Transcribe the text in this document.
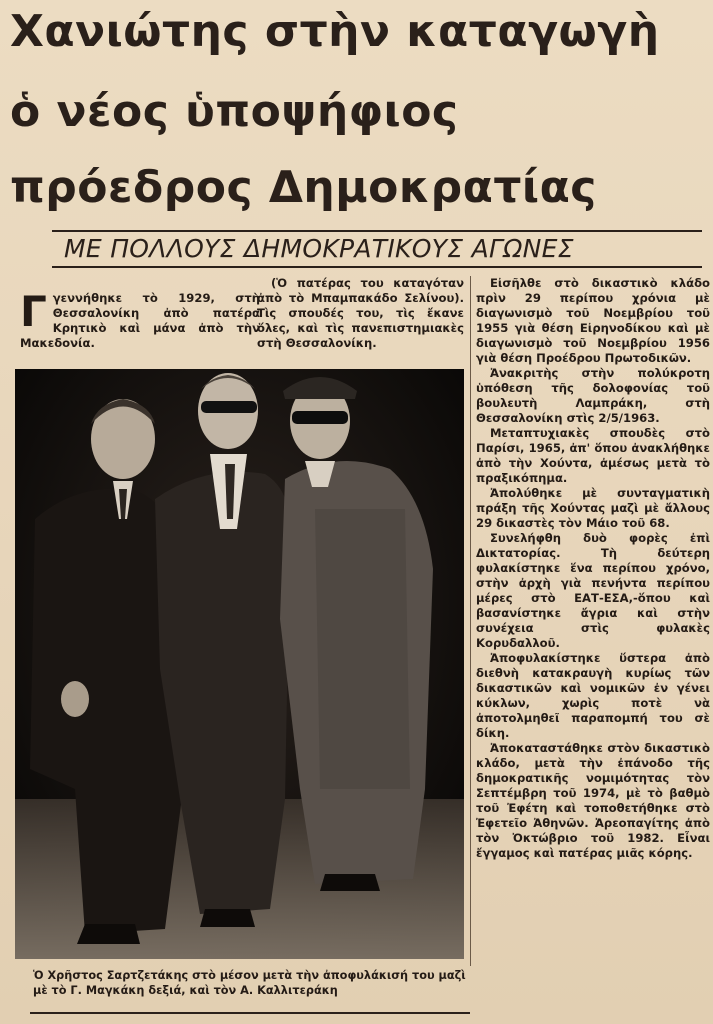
Χανιώτης στὴν καταγωγὴ
ὁ νέος ὑποψήφιος
πρόεδρος Δημοκρατίας
ΜΕ ΠΟΛΛΟΥΣ ΔΗΜΟΚΡΑΤΙΚΟΥΣ ΑΓΩΝΕΣ
Γ γεννήθηκε τὸ 1929, στὴ Θεσσαλονίκη ἀπὸ πατέρα Κρητικὸ καὶ μάνα ἀπὸ τὴν Μακεδονία.

(Ὁ πατέρας του καταγόταν ἀπὸ τὸ Μπαμπακάδο Σελίνου). Τὶς σπουδές του, τὶς ἔκανε ὅλες, καὶ τὶς πανεπιστημιακὲς στὴ Θεσσαλονίκη.

Εἰσῆλθε στὸ δικαστικὸ κλάδο πρὶν 29 περίπου χρόνια μὲ διαγωνισμὸ τοῦ Νοεμβρίου τοῦ 1955 γιὰ θέση Εἰρηνοδίκου καὶ μὲ διαγωνισμὸ τοῦ Νοεμβρίου 1956 γιὰ θέση Προέδρου Πρωτοδικῶν.

Ἀνακριτὴς στὴν πολύκροτη ὑπόθεση τῆς δολοφονίας τοῦ βουλευτὴ Λαμπράκη, στὴ Θεσσαλονίκη στὶς 2/5/1963.

Μεταπτυχιακὲς σπουδὲς στὸ Παρίσι, 1965, ἀπ' ὅπου ἀνακλήθηκε ἀπὸ τὴν Χούντα, ἀμέσως μετὰ τὸ πραξικόπημα.

Ἀπολύθηκε μὲ συνταγματικὴ πράξη τῆς Χούντας μαζὶ μὲ ἄλλους 29 δικαστὲς τὸν Μάιο τοῦ 68.

Συνελήφθη δυὸ φορὲς ἐπὶ Δικτατορίας. Τὴ δεύτερη φυλακίστηκε ἕνα περίπου χρόνο, στὴν ἀρχὴ γιὰ πενήντα περίπου μέρες στὸ ΕΑΤ-ΕΣΑ,-ὅπου καὶ βασανίστηκε ἄγρια καὶ στὴν συνέχεια στὶς φυλακὲς Κορυδαλλοῦ.

Ἀποφυλακίστηκε ὕστερα ἀπὸ διεθνὴ κατακραυγὴ κυρίως τῶν δικαστικῶν καὶ νομικῶν ἐν γένει κύκλων, χωρὶς ποτὲ νὰ ἀποτολμηθεῖ παραπομπή του σὲ δίκη.

Ἀποκαταστάθηκε στὸν δικαστικὸ κλάδο, μετὰ τὴν ἐπάνοδο τῆς δημοκρατικῆς νομιμότητας τὸν Σεπτέμβρη τοῦ 1974, μὲ τὸ βαθμὸ τοῦ Ἐφέτη καὶ τοποθετήθηκε στὸ Ἐφετεῖο Ἀθηνῶν. Ἀρεοπαγίτης ἀπὸ τὸν Ὀκτώβριο τοῦ 1982. Εἶναι ἔγγαμος καὶ πατέρας μιᾶς κόρης.

Ὁ Χρῆστος Σαρτζετάκης στὸ μέσον μετὰ τὴν ἀποφυλάκισή του μαζὶ μὲ τὸ Γ. Μαγκάκη δεξιά, καὶ τὸν Α. Καλλιτεράκη
